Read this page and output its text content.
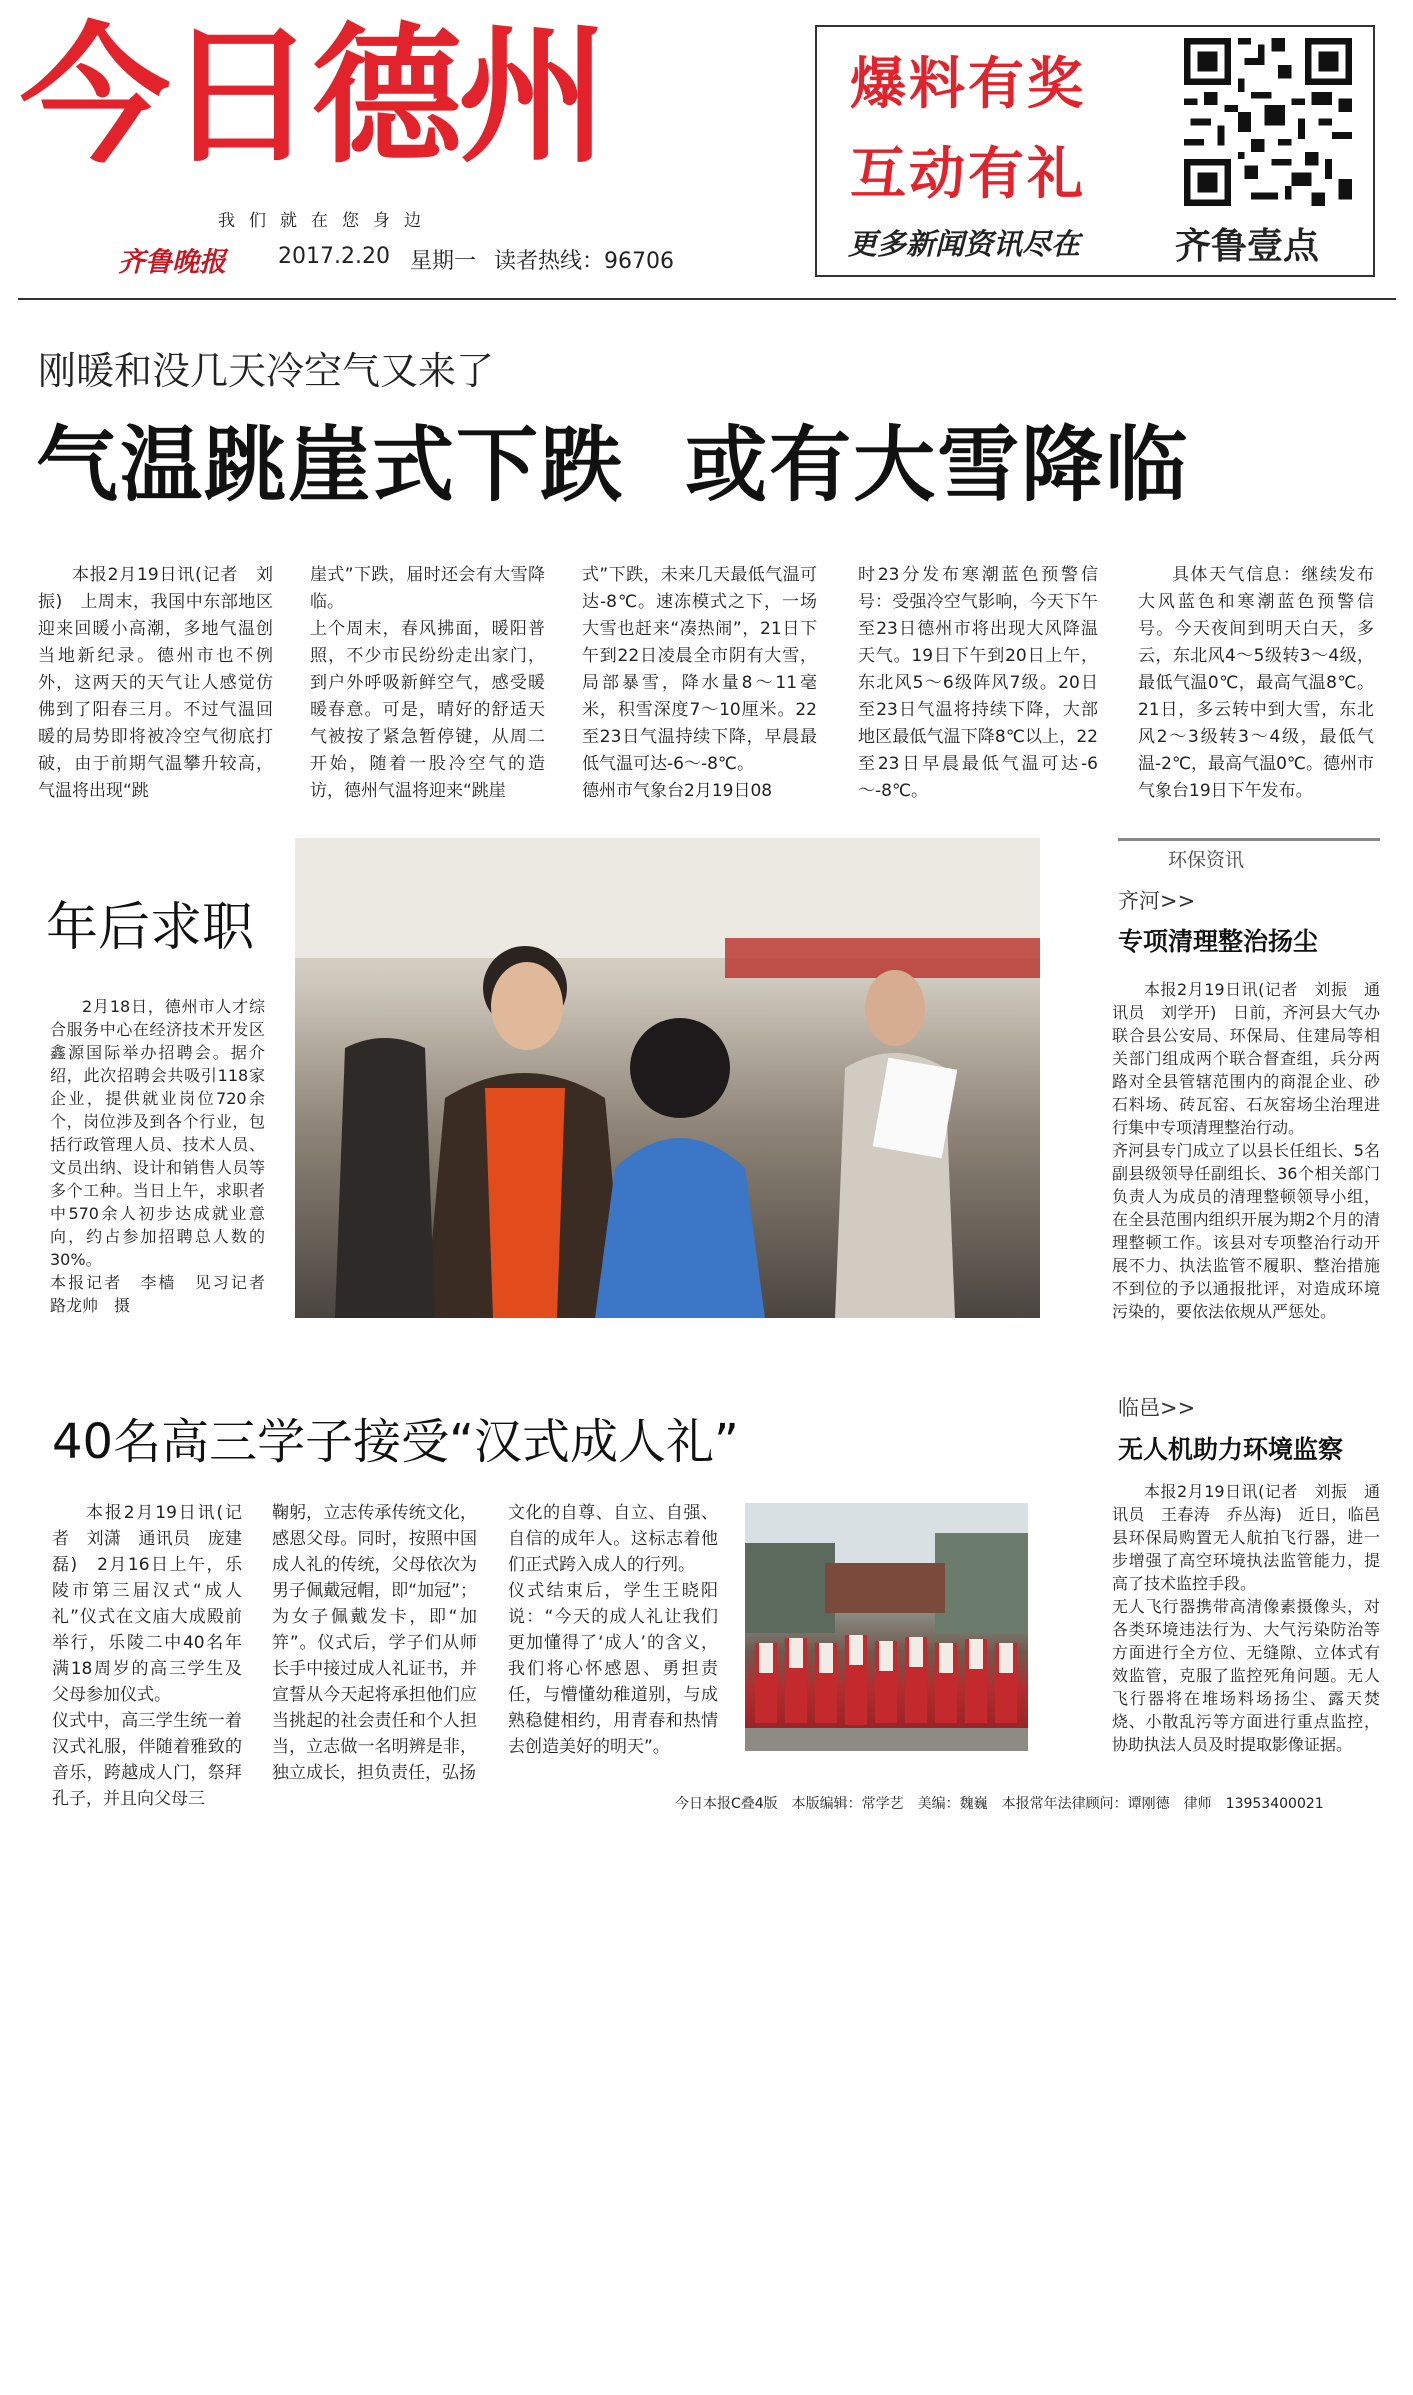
今日德州
我们就在您身边
齐鲁晚报 2017.2.20 星期一 读者热线：96706
爆料有奖
互动有礼
更多新闻资讯尽在	齐鲁壹点
刚暖和没几天冷空气又来了
气温跳崖式下跌  或有大雪降临
本报2月19日讯(记者　刘振)　上周末，我国中东部地区迎来回暖小高潮，多地气温创当地新纪录。德州市也不例外，这两天的天气让人感觉仿佛到了阳春三月。不过气温回暖的局势即将被冷空气彻底打破，由于前期气温攀升较高，气温将出现“跳
崖式”下跌，届时还会有大雪降临。
上个周末，春风拂面，暖阳普照，不少市民纷纷走出家门，到户外呼吸新鲜空气，感受暖暖春意。可是，晴好的舒适天气被按了紧急暂停键，从周二开始，随着一股冷空气的造访，德州气温将迎来“跳崖
式”下跌，未来几天最低气温可达-8℃。速冻模式之下，一场大雪也赶来“凑热闹”，21日下午到22日凌晨全市阴有大雪，局部暴雪，降水量8～11毫米，积雪深度7～10厘米。22至23日气温持续下降，早晨最低气温可达-6～-8℃。
德州市气象台2月19日08
时23分发布寒潮蓝色预警信号：受强冷空气影响，今天下午至23日德州市将出现大风降温天气。19日下午到20日上午，东北风5～6级阵风7级。20日至23日气温将持续下降，大部地区最低气温下降8℃以上，22至23日早晨最低气温可达-6～-8℃。
具体天气信息：继续发布大风蓝色和寒潮蓝色预警信号。今天夜间到明天白天，多云，东北风4～5级转3～4级，最低气温0℃，最高气温8℃。21日，多云转中到大雪，东北风2～3级转3～4级，最低气温-2℃，最高气温0℃。德州市气象台19日下午发布。
年后求职
2月18日，德州市人才综合服务中心在经济技术开发区鑫源国际举办招聘会。据介绍，此次招聘会共吸引118家企业，提供就业岗位720余个，岗位涉及到各个行业，包括行政管理人员、技术人员、文员出纳、设计和销售人员等多个工种。当日上午，求职者中570余人初步达成就业意向，约占参加招聘总人数的30%。
本报记者　李樯　见习记者　路龙帅　摄
环保资讯
齐河>>
专项清理整治扬尘
本报2月19日讯(记者　刘振　通讯员　刘学开)　日前，齐河县大气办联合县公安局、环保局、住建局等相关部门组成两个联合督查组，兵分两路对全县管辖范围内的商混企业、砂石料场、砖瓦窑、石灰窑场尘治理进行集中专项清理整治行动。
齐河县专门成立了以县长任组长、5名副县级领导任副组长、36个相关部门负责人为成员的清理整顿领导小组，在全县范围内组织开展为期2个月的清理整顿工作。该县对专项整治行动开展不力、执法监管不履职、整治措施不到位的予以通报批评，对造成环境污染的，要依法依规从严惩处。
临邑>>
无人机助力环境监察
本报2月19日讯(记者　刘振　通讯员　王春涛　乔丛海)　近日，临邑县环保局购置无人航拍飞行器，进一步增强了高空环境执法监管能力，提高了技术监控手段。
无人飞行器携带高清像素摄像头，对各类环境违法行为、大气污染防治等方面进行全方位、无缝隙、立体式有效监管，克服了监控死角问题。无人飞行器将在堆场料场扬尘、露天焚烧、小散乱污等方面进行重点监控，协助执法人员及时提取影像证据。
40名高三学子接受“汉式成人礼”
本报2月19日讯(记者　刘潇　通讯员　庞建磊)　2月16日上午，乐陵市第三届汉式“成人礼”仪式在文庙大成殿前举行，乐陵二中40名年满18周岁的高三学生及父母参加仪式。
仪式中，高三学生统一着汉式礼服，伴随着雅致的音乐，跨越成人门，祭拜孔子，并且向父母三
鞠躬，立志传承传统文化，感恩父母。同时，按照中国成人礼的传统，父母依次为男子佩戴冠帽，即“加冠”；为女子佩戴发卡，即“加笄”。仪式后，学子们从师长手中接过成人礼证书，并宣誓从今天起将承担他们应当挑起的社会责任和个人担当，立志做一名明辨是非，独立成长，担负责任，弘扬
文化的自尊、自立、自强、自信的成年人。这标志着他们正式跨入成人的行列。
仪式结束后，学生王晓阳说：“今天的成人礼让我们更加懂得了‘成人’的含义，我们将心怀感恩、勇担责任，与懵懂幼稚道别，与成熟稳健相约，用青春和热情去创造美好的明天”。
今日本报C叠4版　本版编辑：常学艺　美编：魏巍　本报常年法律顾问：谭刚德　律师　13953400021
